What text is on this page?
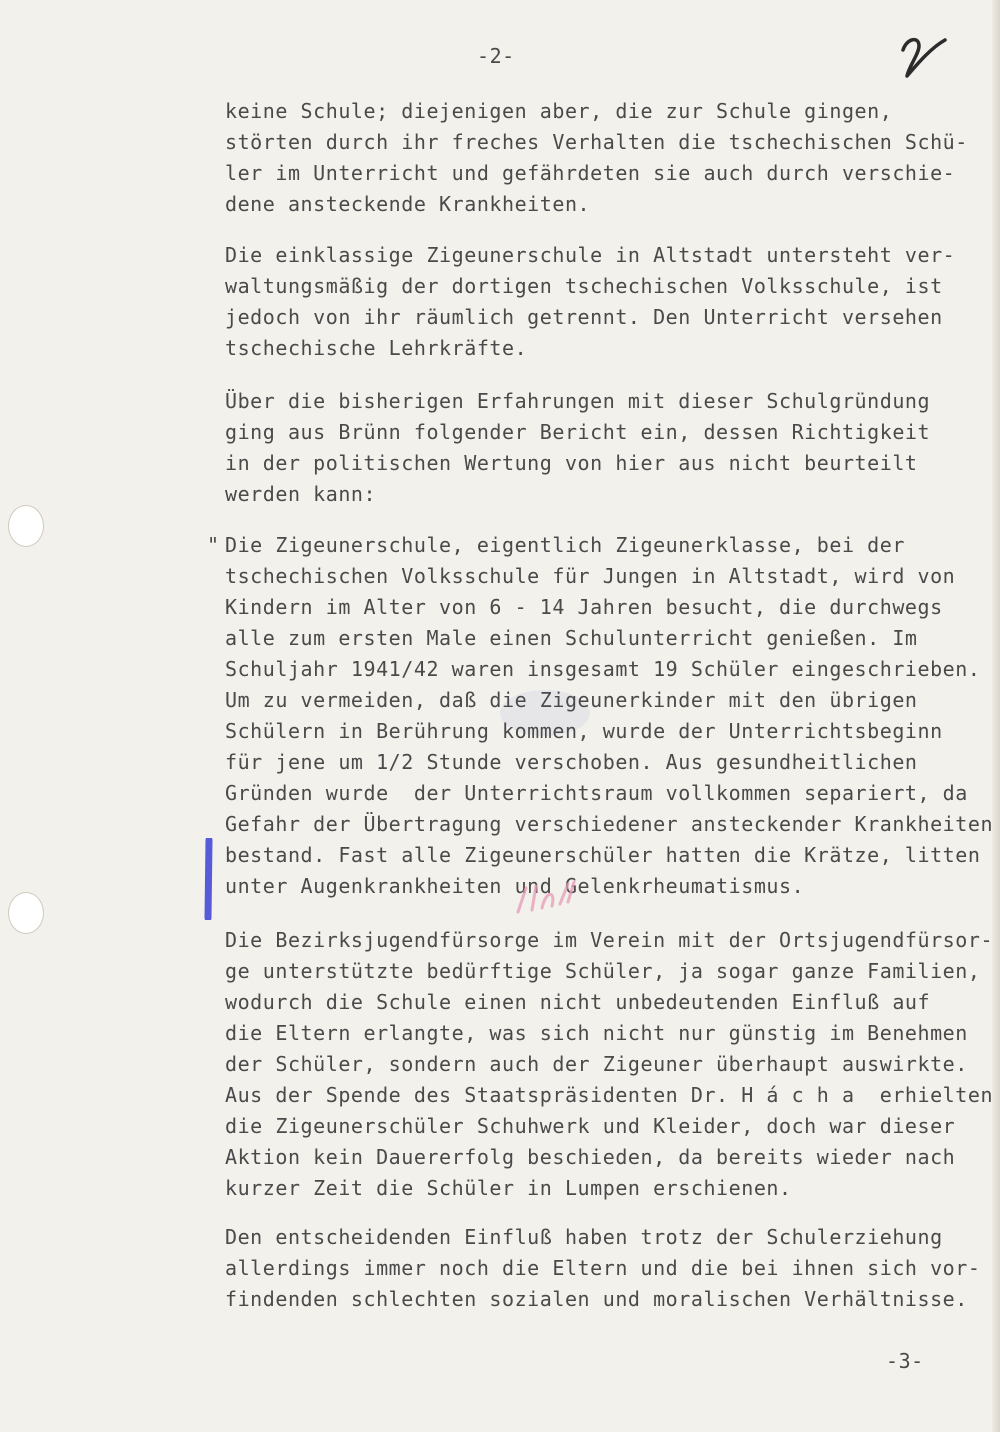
-2-
keine Schule; diejenigen aber, die zur Schule gingen,
störten durch ihr freches Verhalten die tschechischen Schü-
ler im Unterricht und gefährdeten sie auch durch verschie-
dene ansteckende Krankheiten.
Die einklassige Zigeunerschule in Altstadt untersteht ver-
waltungsmäßig der dortigen tschechischen Volksschule, ist
jedoch von ihr räumlich getrennt. Den Unterricht versehen
tschechische Lehrkräfte.
Über die bisherigen Erfahrungen mit dieser Schulgründung
ging aus Brünn folgender Bericht ein, dessen Richtigkeit
in der politischen Wertung von hier aus nicht beurteilt
werden kann:
" Die Zigeunerschule, eigentlich Zigeunerklasse, bei der
tschechischen Volksschule für Jungen in Altstadt, wird von
Kindern im Alter von 6 - 14 Jahren besucht, die durchwegs
alle zum ersten Male einen Schulunterricht genießen. Im
Schuljahr 1941/42 waren insgesamt 19 Schüler eingeschrieben.
Um zu vermeiden, daß die Zigeunerkinder mit den übrigen
Schülern in Berührung kommen, wurde der Unterrichtsbeginn
für jene um 1/2 Stunde verschoben. Aus gesundheitlichen
Gründen wurde  der Unterrichtsraum vollkommen separiert, da
Gefahr der Übertragung verschiedener ansteckender Krankheiten
bestand. Fast alle Zigeunerschüler hatten die Krätze, litten
unter Augenkrankheiten und Gelenkrheumatismus.
Die Bezirksjugendfürsorge im Verein mit der Ortsjugendfürsor-
ge unterstützte bedürftige Schüler, ja sogar ganze Familien,
wodurch die Schule einen nicht unbedeutenden Einfluß auf
die Eltern erlangte, was sich nicht nur günstig im Benehmen
der Schüler, sondern auch der Zigeuner überhaupt auswirkte.
Aus der Spende des Staatspräsidenten Dr. H á c h a  erhielten
die Zigeunerschüler Schuhwerk und Kleider, doch war dieser
Aktion kein Dauererfolg beschieden, da bereits wieder nach
kurzer Zeit die Schüler in Lumpen erschienen.
Den entscheidenden Einfluß haben trotz der Schulerziehung
allerdings immer noch die Eltern und die bei ihnen sich vor-
findenden schlechten sozialen und moralischen Verhältnisse.
-3-
